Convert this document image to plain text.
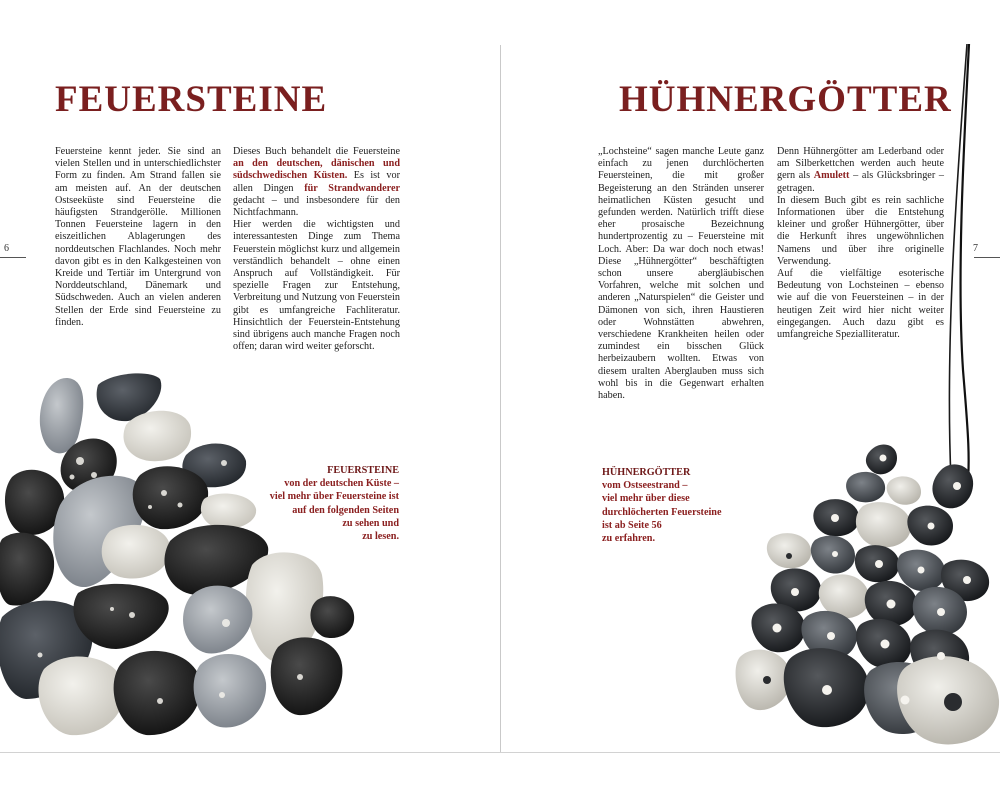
FEUERSTEINE
6

Feuersteine kennt jeder. Sie sind an vielen Stellen und in unterschiedlichster Form zu finden. Am Strand fallen sie am meisten auf. An der deutschen Ostseeküste sind Feuersteine die häufigsten Strandgerölle. Millionen Tonnen Feuersteine lagern in den eiszeitlichen Ablagerungen des norddeutschen Flachlandes. Noch mehr davon gibt es in den Kalkgesteinen von Kreide und Tertiär im Untergrund von Norddeutschland, Dänemark und Südschweden. Auch an vielen anderen Stellen der Erde sind Feuersteine zu finden.

Dieses Buch behandelt die Feuersteine an den deutschen, dänischen und südschwedischen Küsten. Es ist vor allen Dingen für Strandwanderer gedacht – und insbesondere für den Nichtfachmann.
Hier werden die wichtigsten und interessantesten Dinge zum Thema Feuerstein möglichst kurz und allgemein verständlich behandelt – ohne einen Anspruch auf Vollständigkeit. Für spezielle Fragen zur Entstehung, Verbreitung und Nutzung von Feuerstein gibt es umfangreiche Fachliteratur. Hinsichtlich der Feuerstein-Entstehung sind übrigens auch manche Fragen noch offen; daran wird weiter geforscht.
FEUERSTEINE
von der deutschen Küste –
viel mehr über Feuersteine ist
auf den folgenden Seiten
zu sehen und
zu lesen.
HÜHNERGÖTTER
7

„Lochsteine“ sagen manche Leute ganz einfach zu jenen durchlöcherten Feuersteinen, die mit großer Begeisterung an den Stränden unserer heimatlichen Küsten gesucht und gefunden werden. Natürlich trifft diese eher prosaische Bezeichnung hundertprozentig zu – Feuersteine mit Loch. Aber: Da war doch noch etwas! Diese „Hühnergötter“ beschäftigten schon unsere abergläubischen Vorfahren, welche mit solchen und anderen „Naturspielen“ die Geister und Dämonen von sich, ihren Haustieren oder Wohnstätten abwehren, verschiedene Krankheiten heilen oder zumindest ein bisschen Glück herbeizaubern wollten. Etwas von diesem uralten Aberglauben muss sich wohl bis in die Gegenwart erhalten haben.

Denn Hühnergötter am Lederband oder am Silberkettchen werden auch heute gern als Amulett – als Glücksbringer – getragen.
In diesem Buch gibt es rein sachliche Informationen über die Entstehung kleiner und großer Hühnergötter, über die Herkunft ihres ungewöhnlichen Namens und über ihre originelle Verwendung.
Auf die vielfältige esoterische Bedeutung von Lochsteinen – ebenso wie auf die von Feuersteinen – in der heutigen Zeit wird hier nicht weiter eingegangen. Auch dazu gibt es umfangreiche Spezialliteratur.
HÜHNERGÖTTER
vom Ostseestrand –
viel mehr über diese
durchlöcherten Feuersteine
ist ab Seite 56
zu erfahren.
